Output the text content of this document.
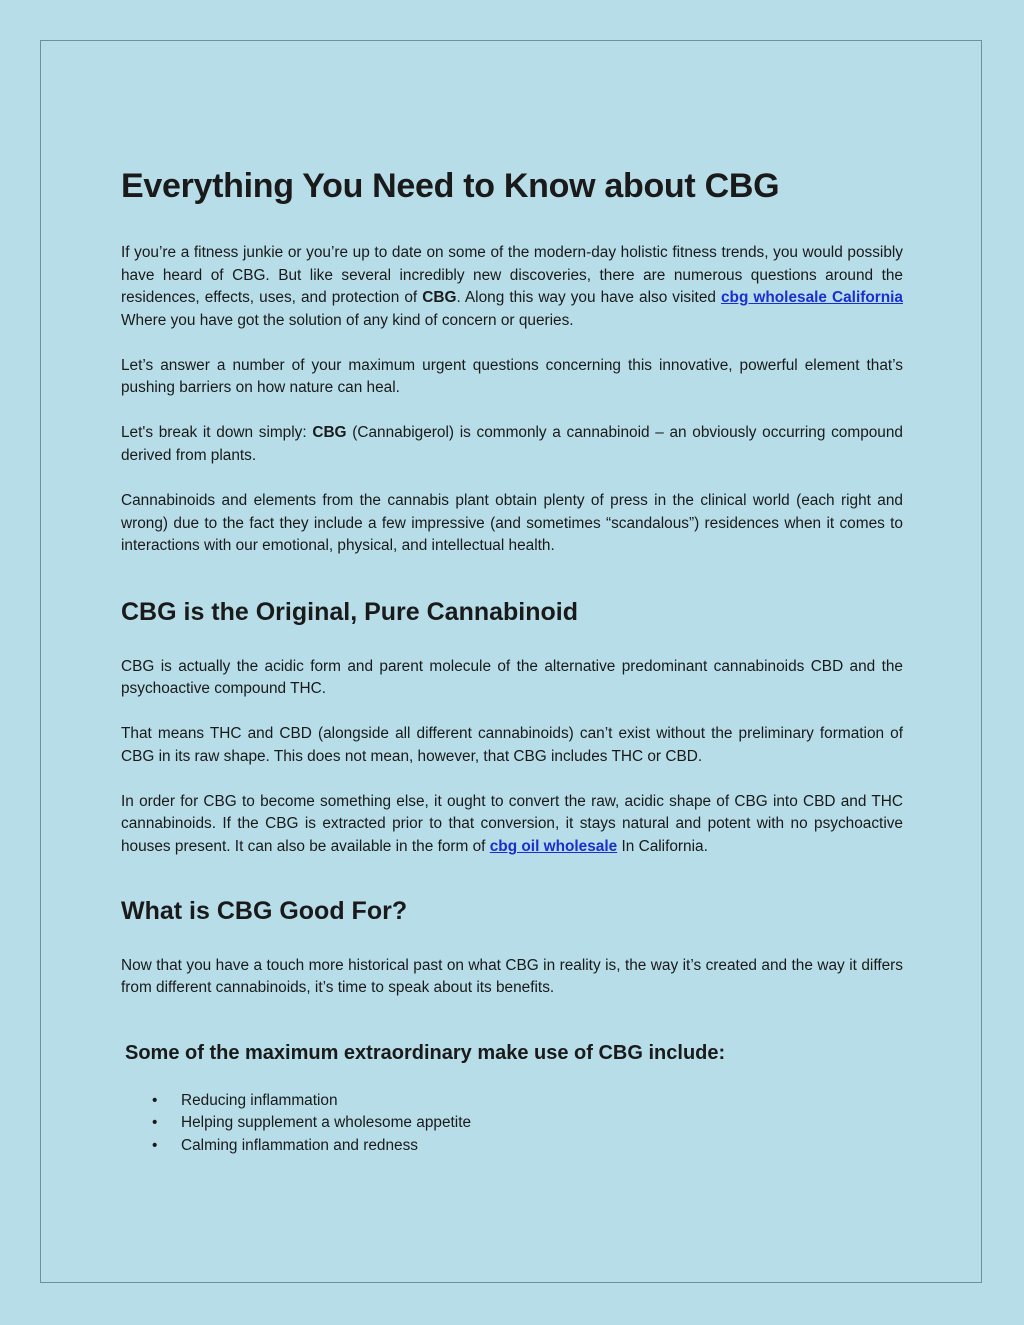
Everything You Need to Know about CBG

If you’re a fitness junkie or you’re up to date on some of the modern-day holistic fitness trends, you would possibly have heard of CBG. But like several incredibly new discoveries, there are numerous questions around the residences, effects, uses, and protection of CBG. Along this way you have also visited cbg wholesale California Where you have got the solution of any kind of concern or queries.

Let’s answer a number of your maximum urgent questions concerning this innovative, powerful element that’s pushing barriers on how nature can heal.

Let's break it down simply: CBG (Cannabigerol) is commonly a cannabinoid – an obviously occurring compound derived from plants.

Cannabinoids and elements from the cannabis plant obtain plenty of press in the clinical world (each right and wrong) due to the fact they include a few impressive (and sometimes “scandalous”) residences when it comes to interactions with our emotional, physical, and intellectual health.

CBG is the Original, Pure Cannabinoid

CBG is actually the acidic form and parent molecule of the alternative predominant cannabinoids CBD and the psychoactive compound THC.

That means THC and CBD (alongside all different cannabinoids) can’t exist without the preliminary formation of CBG in its raw shape. This does not mean, however, that CBG includes THC or CBD.

In order for CBG to become something else, it ought to convert the raw, acidic shape of CBG into CBD and THC cannabinoids. If the CBG is extracted prior to that conversion, it stays natural and potent with no psychoactive houses present. It can also be available in the form of cbg oil wholesale In California.

What is CBG Good For?

Now that you have a touch more historical past on what CBG in reality is, the way it’s created and the way it differs from different cannabinoids, it’s time to speak about its benefits.

Some of the maximum extraordinary make use of CBG include:
• Reducing inflammation
• Helping supplement a wholesome appetite
• Calming inflammation and redness
